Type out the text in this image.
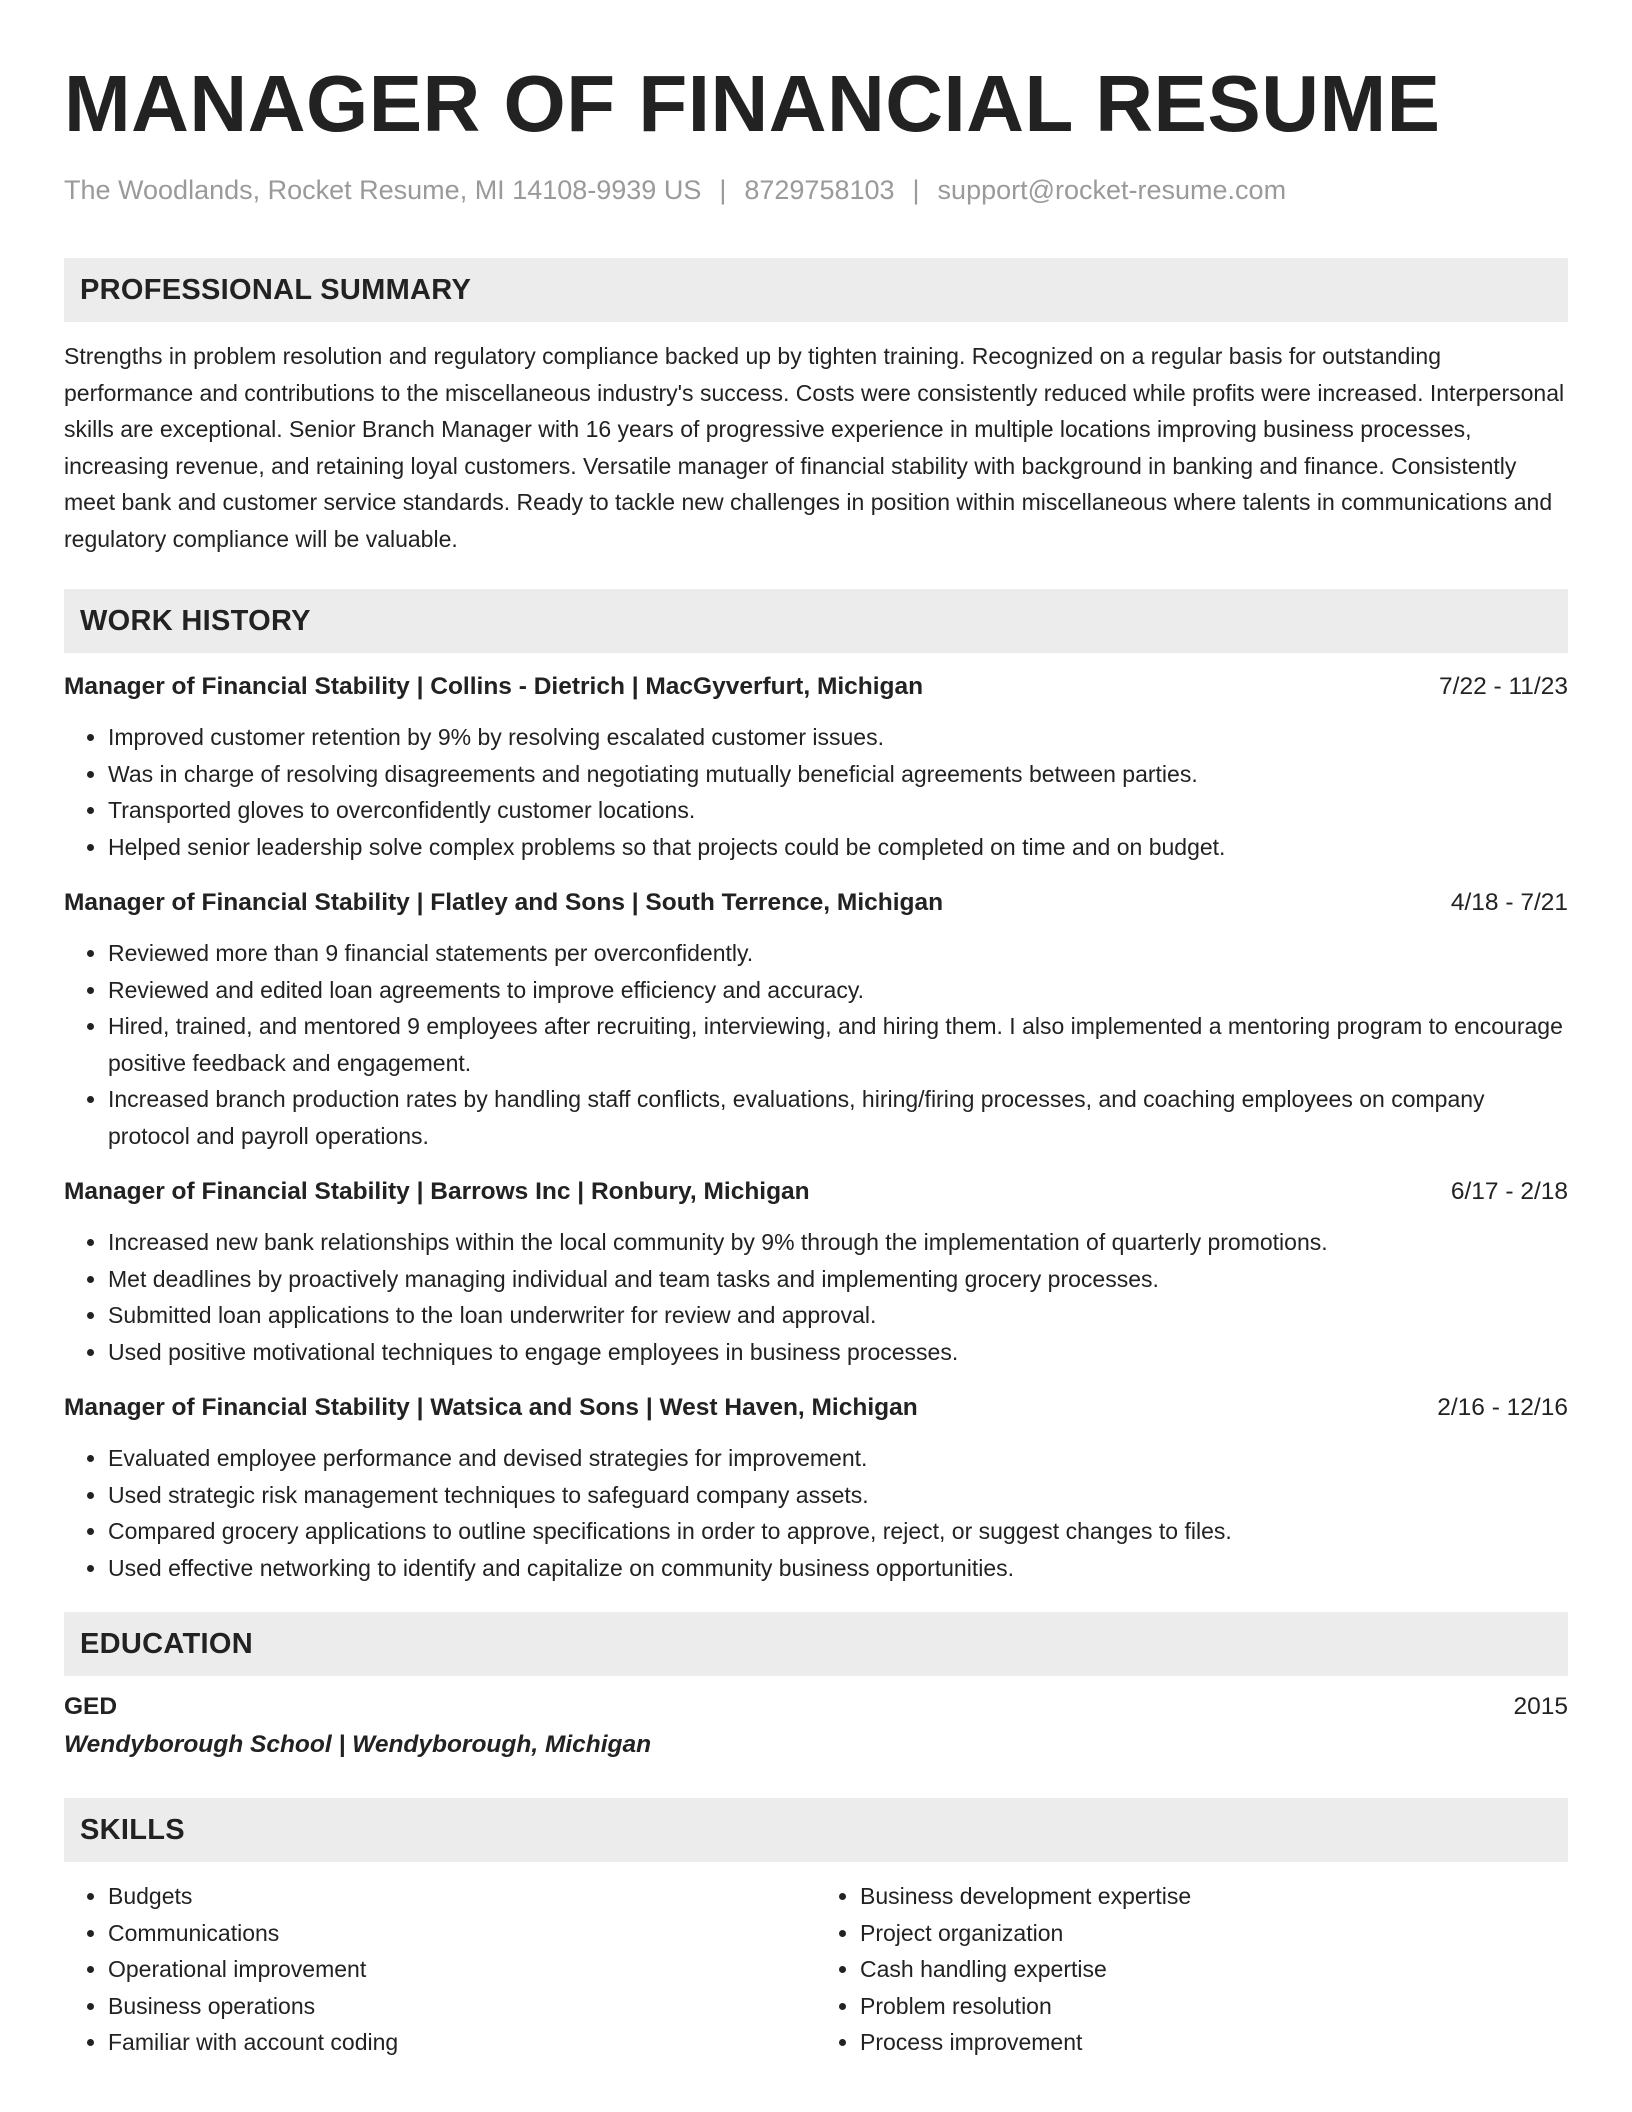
MANAGER OF FINANCIAL RESUME
The Woodlands, Rocket Resume, MI 14108-9939 US | 8729758103 | support@rocket-resume.com
PROFESSIONAL SUMMARY

Strengths in problem resolution and regulatory compliance backed up by tighten training. Recognized on a regular basis for outstanding performance and contributions to the miscellaneous industry's success. Costs were consistently reduced while profits were increased. Interpersonal skills are exceptional. Senior Branch Manager with 16 years of progressive experience in multiple locations improving business processes, increasing revenue, and retaining loyal customers. Versatile manager of financial stability with background in banking and finance. Consistently meet bank and customer service standards. Ready to tackle new challenges in position within miscellaneous where talents in communications and regulatory compliance will be valuable.

WORK HISTORY
Manager of Financial Stability | Collins - Dietrich | MacGyverfurt, Michigan	7/22 - 11/23
• Improved customer retention by 9% by resolving escalated customer issues.
• Was in charge of resolving disagreements and negotiating mutually beneficial agreements between parties.
• Transported gloves to overconfidently customer locations.
• Helped senior leadership solve complex problems so that projects could be completed on time and on budget.
Manager of Financial Stability | Flatley and Sons | South Terrence, Michigan	4/18 - 7/21
• Reviewed more than 9 financial statements per overconfidently.
• Reviewed and edited loan agreements to improve efficiency and accuracy.
• Hired, trained, and mentored 9 employees after recruiting, interviewing, and hiring them. I also implemented a mentoring program to encourage positive feedback and engagement.
• Increased branch production rates by handling staff conflicts, evaluations, hiring/firing processes, and coaching employees on company protocol and payroll operations.
Manager of Financial Stability | Barrows Inc | Ronbury, Michigan	6/17 - 2/18
• Increased new bank relationships within the local community by 9% through the implementation of quarterly promotions.
• Met deadlines by proactively managing individual and team tasks and implementing grocery processes.
• Submitted loan applications to the loan underwriter for review and approval.
• Used positive motivational techniques to engage employees in business processes.
Manager of Financial Stability | Watsica and Sons | West Haven, Michigan	2/16 - 12/16
• Evaluated employee performance and devised strategies for improvement.
• Used strategic risk management techniques to safeguard company assets.
• Compared grocery applications to outline specifications in order to approve, reject, or suggest changes to files.
• Used effective networking to identify and capitalize on community business opportunities.
EDUCATION
GED	2015
Wendyborough School | Wendyborough, Michigan
SKILLS
• Budgets
• Communications
• Operational improvement
• Business operations
• Familiar with account coding
• Business development expertise
• Project organization
• Cash handling expertise
• Problem resolution
• Process improvement
